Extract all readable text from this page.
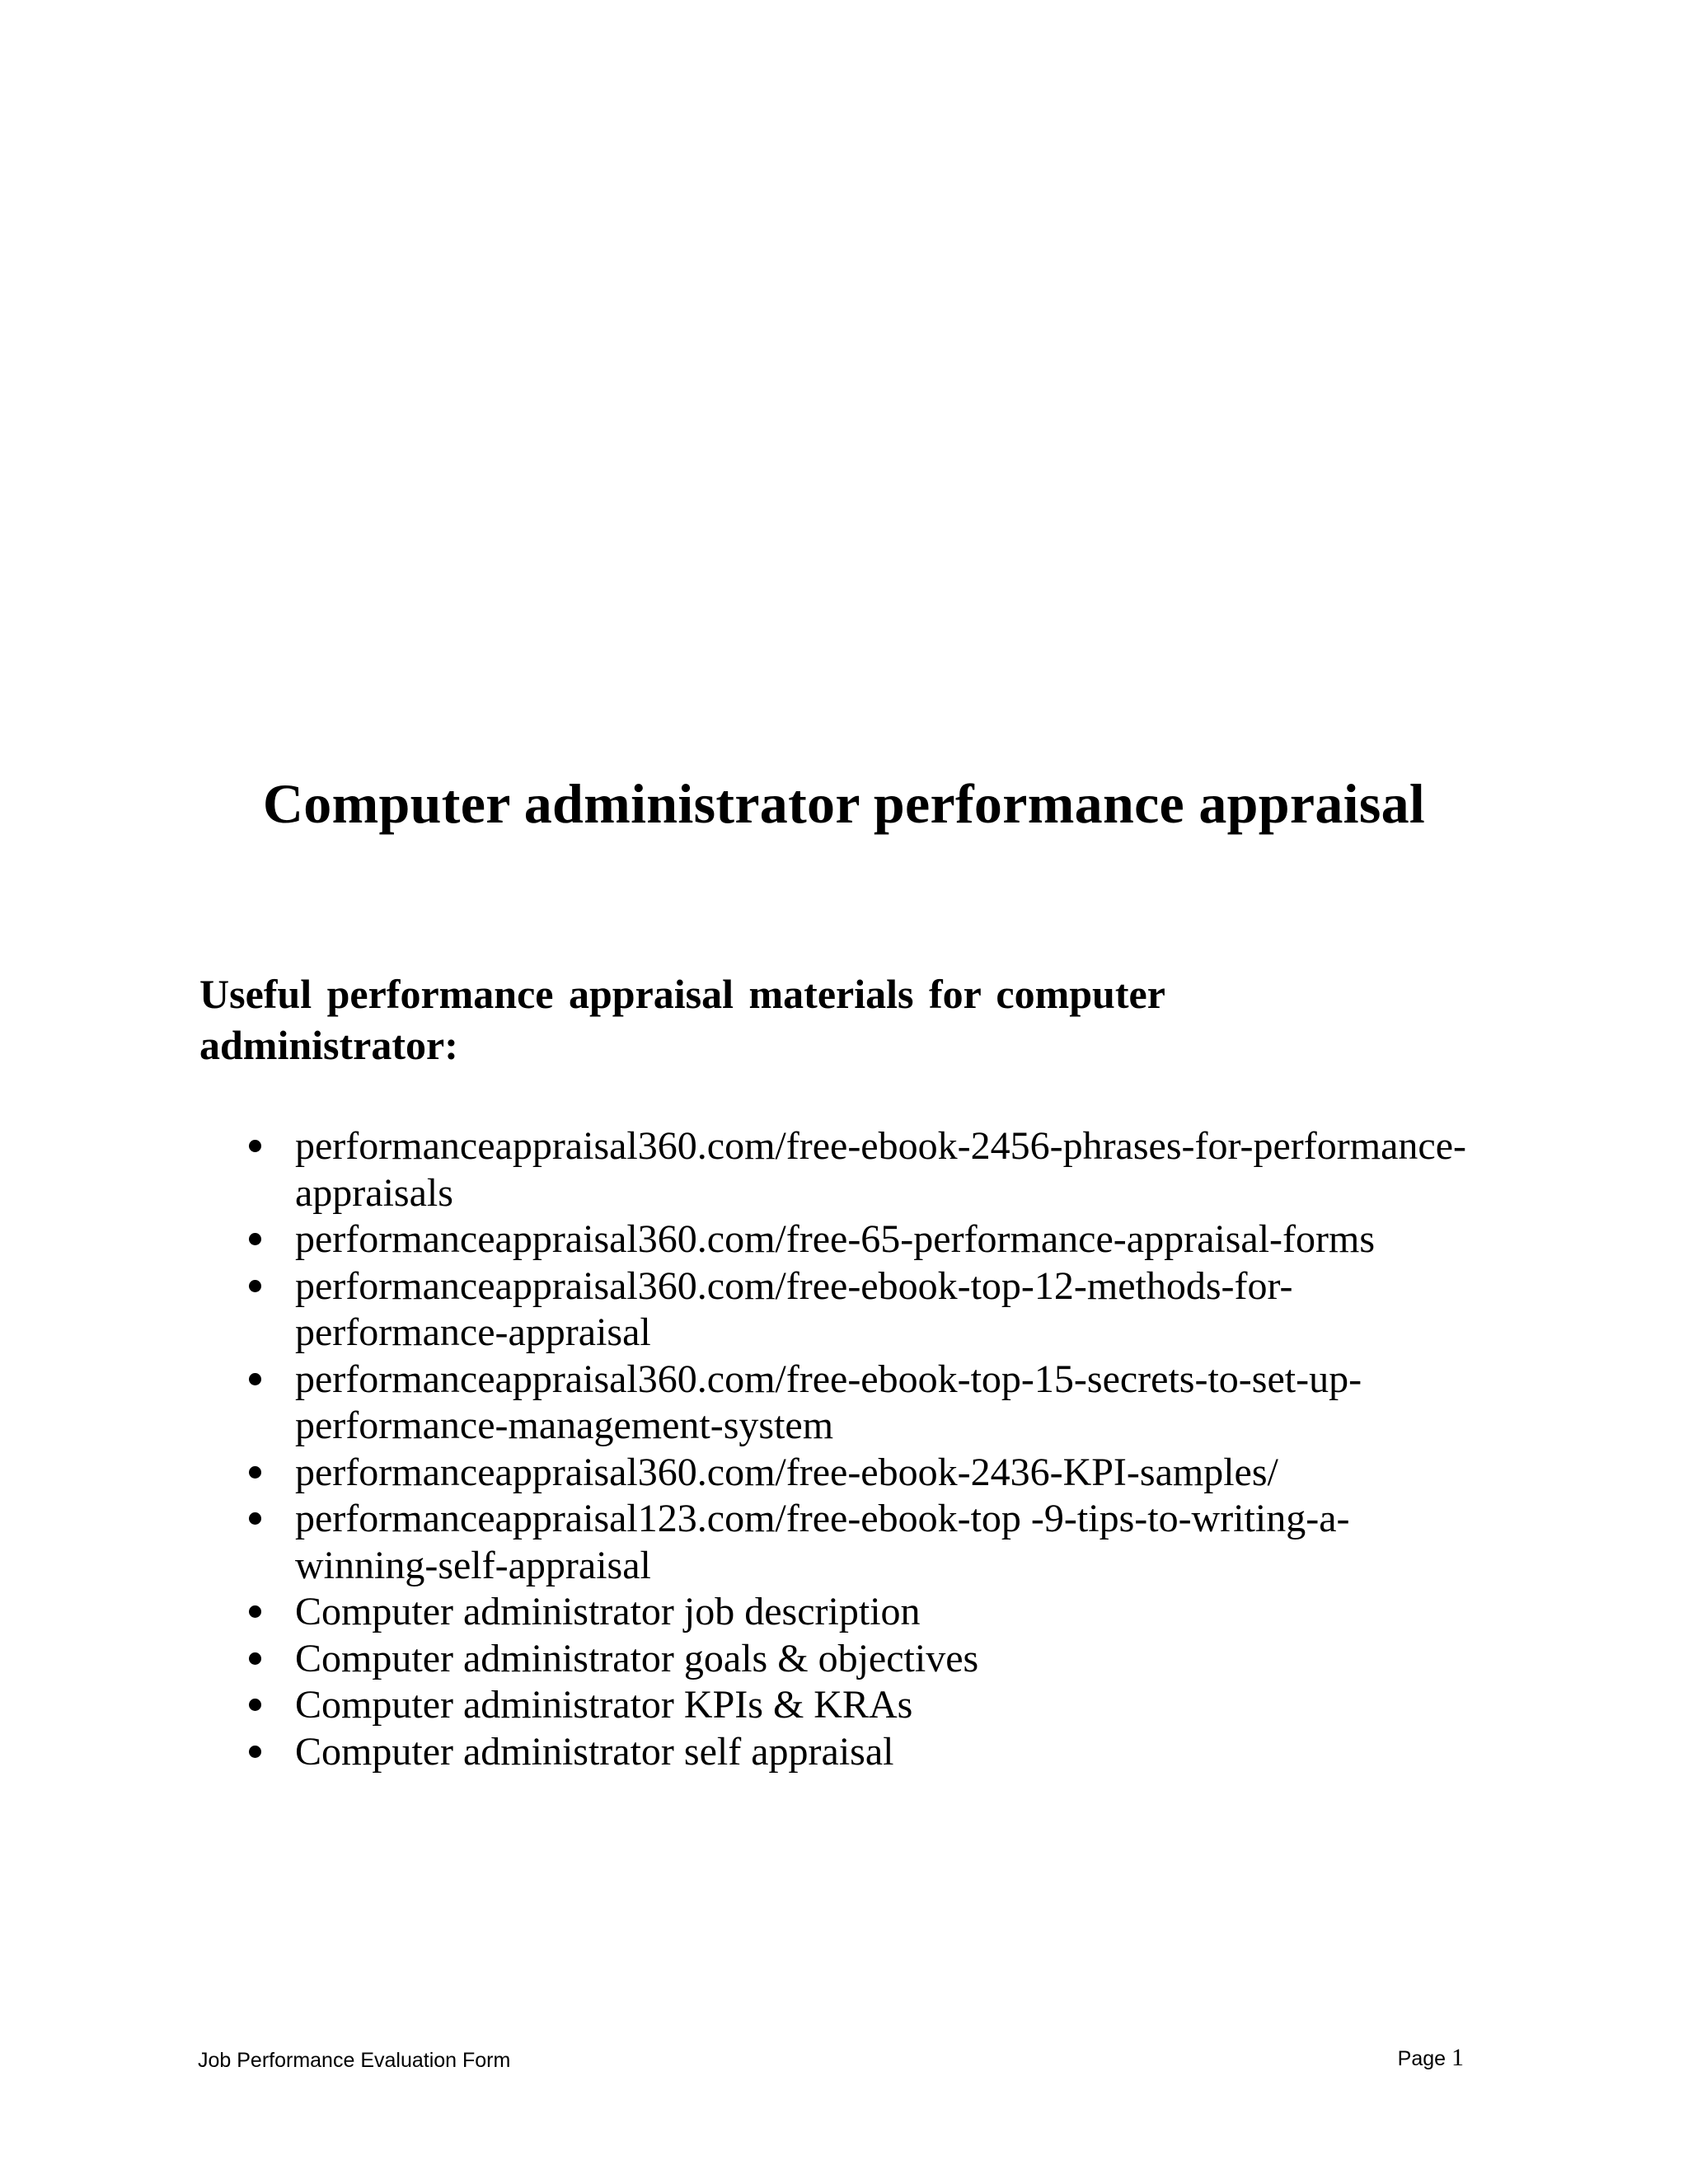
Computer administrator performance appraisal
Useful performance appraisal materials for computer administrator:
performanceappraisal360.com/free-ebook-2456-phrases-for-performance-appraisals
performanceappraisal360.com/free-65-performance-appraisal-forms
performanceappraisal360.com/free-ebook-top-12-methods-for-performance-appraisal
performanceappraisal360.com/free-ebook-top-15-secrets-to-set-up-performance-management-system
performanceappraisal360.com/free-ebook-2436-KPI-samples/
performanceappraisal123.com/free-ebook-top -9-tips-to-writing-a-winning-self-appraisal
Computer administrator job description
Computer administrator goals & objectives
Computer administrator KPIs & KRAs
Computer administrator self appraisal

Job Performance Evaluation Form	Page 1
